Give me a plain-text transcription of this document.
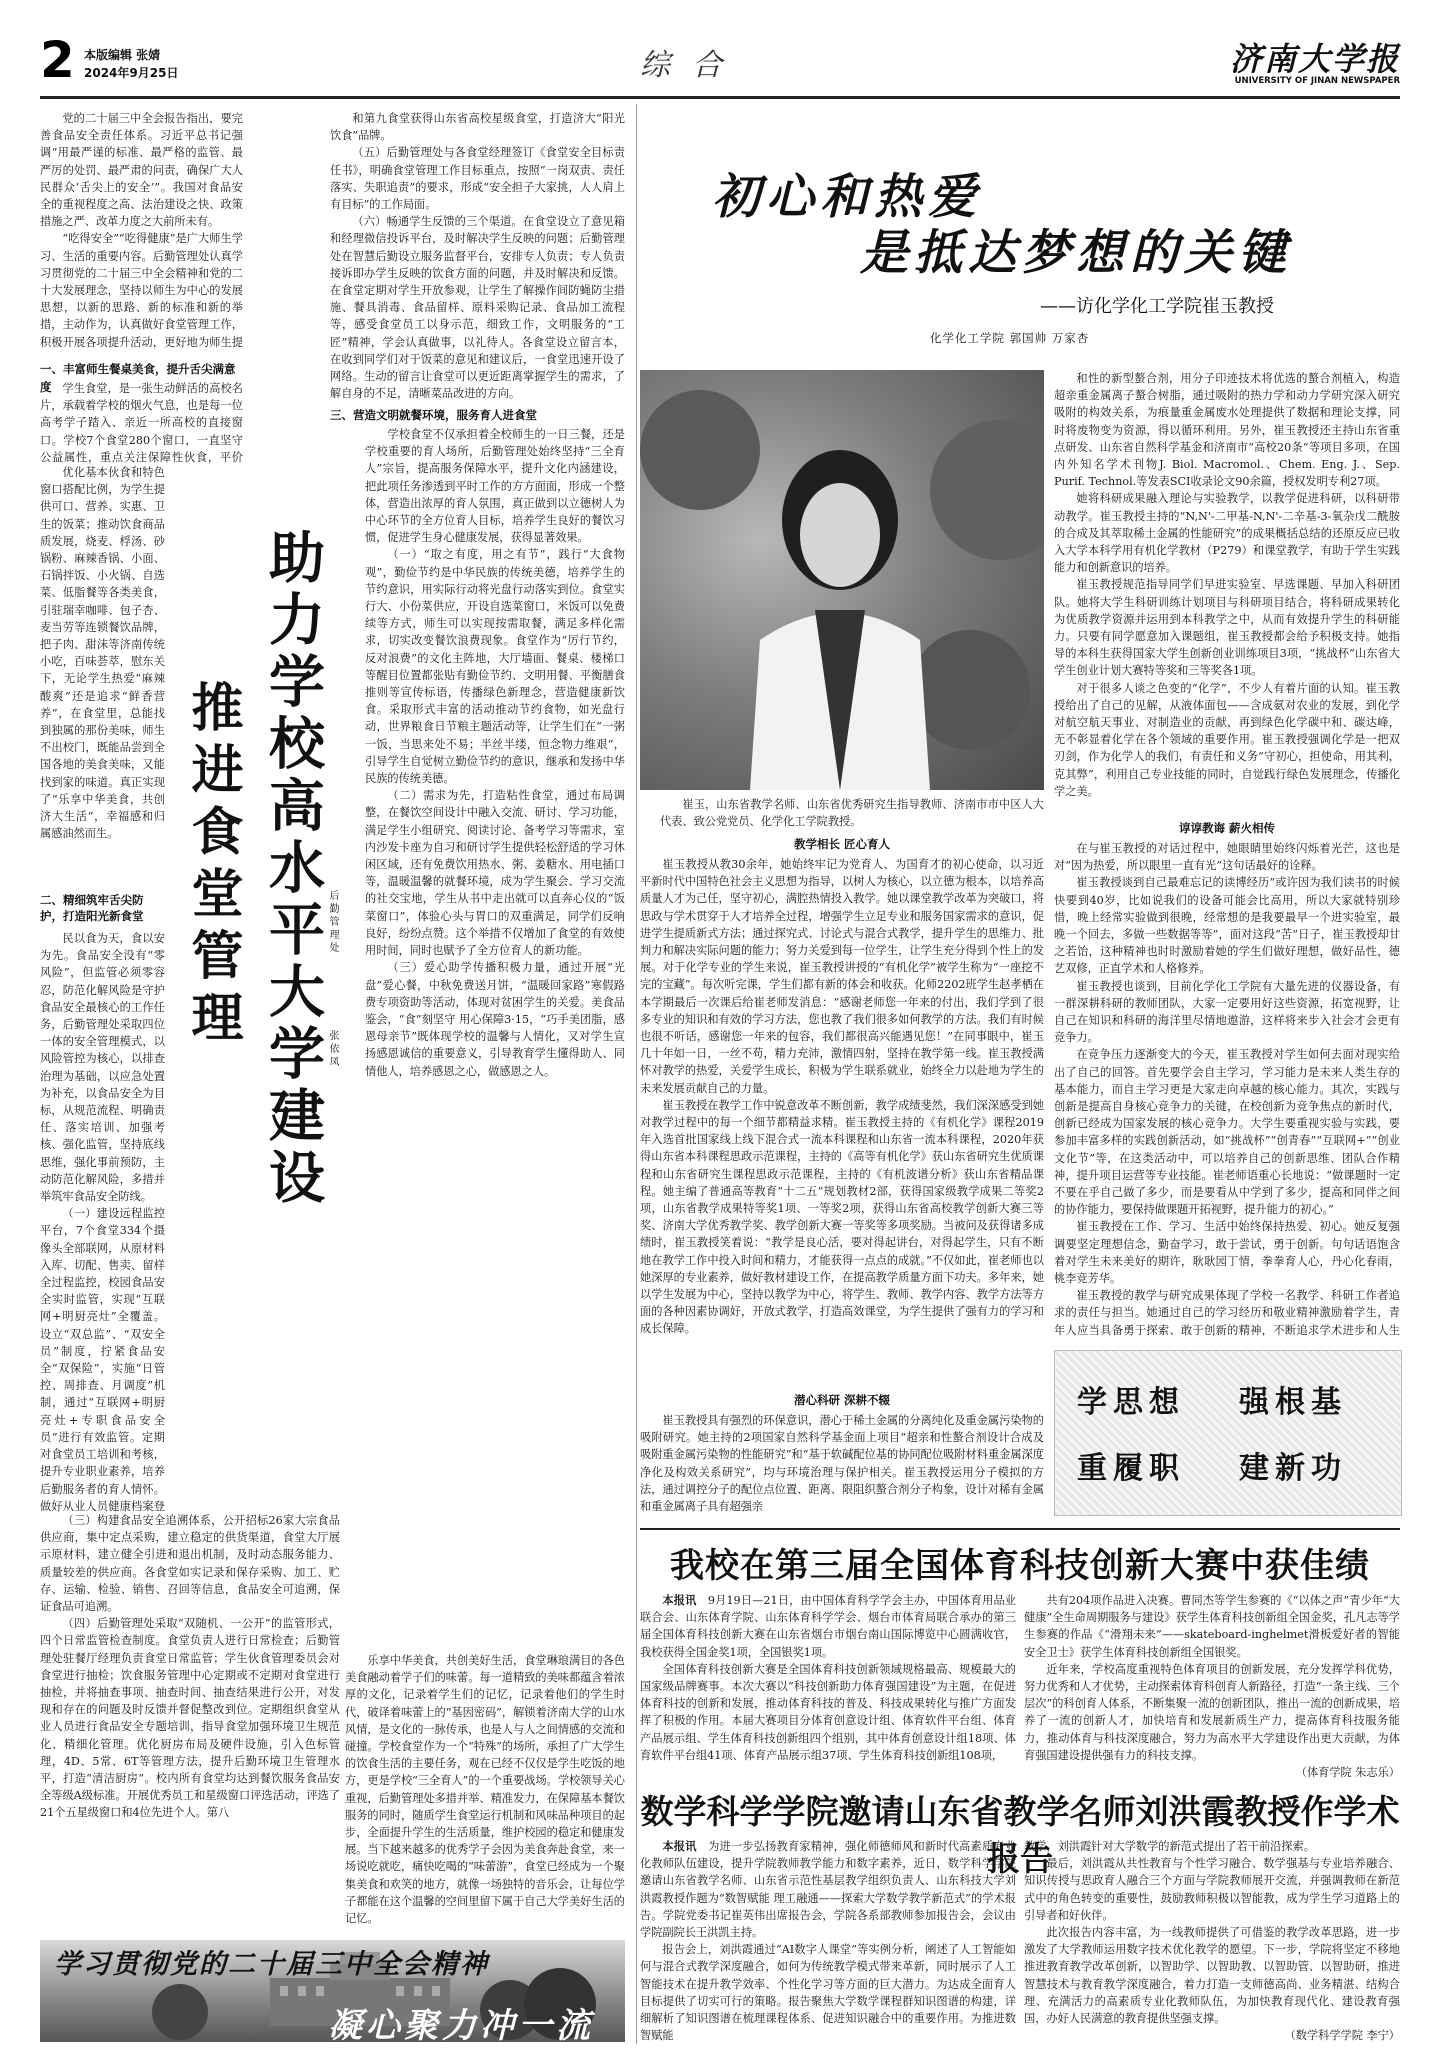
2 本版编辑 张婧
2024年9月25日	综合	济南大学报
UNIVERSITY OF JINAN NEWSPAPER

党的二十届三中全会报告指出，要完善食品安全责任体系。习近平总书记强调“用最严谨的标准、最严格的监管、最严厉的处罚、最严肃的问责，确保广大人民群众‘舌尖上的安全’”。我国对食品安全的重视程度之高、法治建设之快、政策措施之严、改革力度之大前所未有。

“吃得安全”“吃得健康”是广大师生学习、生活的重要内容。后勤管理处认真学习贯彻党的二十届三中全会精神和党的二十大发展理念，坚持以师生为中心的发展思想，以新的思路、新的标准和新的举措，主动作为，认真做好食堂管理工作，积极开展各项提升活动，更好地为师生提

一、丰富师生餐桌美食，提升舌尖满意度 学生食堂，是一张生动鲜活的高校名片，承载着学校的烟火气息，也是每一位高考学子踏入、亲近一所高校的直接窗口。学校7个食堂280个窗口，一直坚守公益属性，重点关注保障性伙食，平价

优化基本伙食和特色窗口搭配比例，为学生提供可口、营养、实惠、卫生的饭菜；推动饮食商品质发展，烧麦、桴汤、砂锅粉、麻辣香锅、小面、石锅拌饭、小火锅、自选菜、低脂餐等各类美食，引驻瑞幸咖啡、包子杏、麦当劳等连锁餐饮品牌，把子肉、甜沫等济南传统小吃，百味荟萃，慰东关下，无论学生热爱“麻辣酸爽”还是追求“鲜香营养”，在食堂里，总能找到独属的那份美味，师生不出校门，既能品尝到全国各地的美食美味，又能找到家的味道。真正实现了“乐享中华美食，共创济大生活”，幸福感和归属感油然而生。

二、精细筑牢舌尖防护，打造阳光新食堂

民以食为天，食以安为先。食品安全没有“零风险”，但监管必须零容忍，防范化解风险是守护食品安全最核心的工作任务，后勤管理处采取四位一体的安全管理模式，以风险管控为核心，以排查治理为基础，以应急处置为补充，以食品安全为目标，从规范流程、明确责任、落实培训、加强考核、强化监管，坚持底线思维，强化事前预防，主动防范化解风险，多措并举筑牢食品安全防线。

（一）建设远程监控平台，7个食堂334个摄像头全部联网，从原材料入库、切配、售卖、留样全过程监控，校园食品安全实时监管，实现“互联网+明厨亮灶”全覆盖。设立“双总监”、“双安全员”制度，拧紧食品安全“双保险”，实施“日管控、周排查、月调度”机制，通过“互联网+明厨亮灶+专职食品安全员”进行有效监管。定期对食堂员工培训和考核，提升专业职业素养，培养后勤服务者的育人情怀。做好从业人员健康档案登

（三）构建食品安全追溯体系，公开招标26家大宗食品供应商，集中定点采购，建立稳定的供货渠道，食堂大厅展示原材料，建立健全引进和退出机制，及时动态服务能力、质量较差的供应商。各食堂如实记录和保存采购、加工、贮存、运输、检验、销售、召回等信息，食品安全可追溯，保证食品可追溯。

（四）后勤管理处采取“双随机、一公开”的监管形式，四个日常监管检查制度。食堂负责人进行日常检查；后勤管理处驻餐厅经理负责食堂日常监管；学生伙食管理委员会对食堂进行抽检；饮食服务管理中心定期或不定期对食堂进行抽检，并将抽查事项、抽查时间、抽查结果进行公开，对发现和存在的问题及时反馈并督促整改到位。定期组织食堂从业人员进行食品安全专题培训，指导食堂加强环境卫生规范化、精细化管理。优化厨房布局及硬件设施，引入色标管理，4D、5常、6T等管理方法，提升后勤环境卫生管理水平，打造“清洁厨房”。校内所有食堂均达到餐饮服务食品安全等级A级标准。开展优秀员工和星级窗口评选活动，评选了21个五星级窗口和4位先进个人。第八

助力学校高水平大学建设
推进食堂管理	后勤管理处
张依凤

和第九食堂获得山东省高校星级食堂，打造济大“阳光饮食”品牌。

（五）后勤管理处与各食堂经理签订《食堂安全目标责任书》，明确食堂管理工作目标重点，按照“一岗双责、责任落实、失职追责”的要求，形成“安全担子大家挑，人人肩上有目标”的工作局面。

（六）畅通学生反馈的三个渠道。在食堂设立了意见箱和经理微信投诉平台，及时解决学生反映的问题；后勤管理处在智慧后勤设立服务监督平台，安排专人负责；专人负责接诉即办学生反映的饮食方面的问题，并及时解决和反馈。在食堂定期对学生开放参观，让学生了解操作间防蝇防尘措施、餐具消毒、食品留样、原料采购记录、食品加工流程等，感受食堂员工以身示范，细致工作，文明服务的“工匠”精神，学会认真做事，以礼待人。各食堂设立留言本，在收到同学们对于饭菜的意见和建议后，一食堂迅速开设了网络。生动的留言让食堂可以更近距离掌握学生的需求，了解自身的不足，清晰菜品改进的方向。

三、营造文明就餐环境，服务育人进食堂

学校食堂不仅承担着全校师生的一日三餐，还是学校重要的育人场所，后勤管理处始终坚持“三全育人”宗旨，提高服务保障水平，提升文化内涵建设，把此项任务渗透到平时工作的方方面面，形成一个整体，营造出浓厚的育人氛围，真正做到以立德树人为中心环节的全方位育人目标，培养学生良好的餐饮习惯，促进学生身心健康发展，获得显著效果。

（一）“取之有度，用之有节”，践行“大食物观”，勤俭节约是中华民族的传统美德，培养学生的节约意识，用实际行动将光盘行动落实到位。食堂实行大、小份菜供应，开设自选菜窗口，米饭可以免费续等方式，师生可以实现按需取餐，满足多样化需求，切实改变餐饮浪费现象。食堂作为“厉行节约，反对浪费”的文化主阵地，大厅墙面、餐桌、楼梯口等醒目位置都张贴有勤俭节约、文明用餐、平衡膳食推则等宣传标语，传播绿色新理念，营造健康新饮食。采取形式丰富的活动推动节约食物，如光盘行动，世界粮食日节粮主题活动等，让学生们在“一粥一饭，当思来处不易；半丝半缕，恒念物力维艰”，引导学生自觉树立勤俭节约的意识，继承和发扬中华民族的传统美德。

（二）需求为先，打造粘性食堂，通过布局调整，在餐饮空间设计中融入交流、研讨、学习功能，满足学生小组研究、阅读讨论、备考学习等需求，室内沙发卡座为自习和研讨学生提供轻松舒适的学习休闲区域，还有免费饮用热水、粥、姜糖水、用电插口等，温暖温馨的就餐环境，成为学生聚会、学习交流的社交宝地，学生从书中走出就可以直奔心仪的“饭菜窗口”，体验心头与胃口的双重满足，同学们反响良好，纷纷点赞。这个举措不仅增加了食堂的有效使用时间，同时也赋予了全方位育人的新功能。

（三）爱心助学传播积极力量，通过开展“光盘”爱心餐，中秋免费送月饼，“温暖回家路”寒假路费专项资助等活动，体现对贫困学生的关爱。美食品鉴会，“食”刻坚守 用心保障3·15，“巧手美团脂，感恩母亲节”既体现学校的温馨与人情化，又对学生宣扬感恩诚信的重要意义，引导教育学生懂得助人、同情他人，培养感恩之心，做感恩之人。

乐享中华美食，共创美好生活，食堂琳琅满目的各色美食融动着学子们的味蕾。每一道精致的美味都蕴含着浓厚的文化，记录着学生们的记忆，记录着他们的学生时代，破译着味蕾上的“基因密码”，解锁着济南大学的山水风情，是文化的一脉传承，也是人与人之间情感的交流和碰撞。学校食堂作为一个“特殊”的场所，承担了广大学生的饮食生活的主要任务，观在已经不仅仅是学生吃饭的地方，更是学校“三全育人”的一个重要战场。学校领导关心重视，后勤管理处多措并举、精准发力，在保障基本餐饮服务的同时，随质学生食堂运行机制和风味品种项目的起步，全面提升学生的生活质量，维护校园的稳定和健康发展。当下越来越多的优秀学子会因为美食奔赴食堂，来一场说吃就吃，痛快吃喝的“味蕾游”，食堂已经成为一个聚集美食和欢笑的地方，就像一场独特的音乐会，让每位学子都能在这个温馨的空间里留下属于自己大学美好生活的记忆。

学习贯彻党的二十届三中全会精神
凝心聚力冲一流
初心和热爱
是抵达梦想的关键
——访化学化工学院崔玉教授
化学化工学院 郭国帅 万家杏
崔玉，山东省教学名师、山东省优秀研究生指导教师、济南市市中区人大代表、致公党党员、化学化工学院教授。
教学相长 匠心育人

崔玉教授从教30余年，她始终牢记为党育人、为国育才的初心使命，以习近平新时代中国特色社会主义思想为指导，以树人为核心，以立德为根本，以培养高质量人才为己任，坚守初心，满腔热情投入教学。她以课堂教学改革为突破口，将思政与学术贯穿于人才培养全过程，增强学生立足专业和服务国家需求的意识，促进学生提质新式方法；通过探究式、讨论式与混合式教学，提升学生的思维力、批判力和解决实际问题的能力；努力关爱到每一位学生，让学生充分得到个性上的发展。对于化学专业的学生来说，崔玉教授讲授的“有机化学”被学生称为“一座挖不完的宝藏”。每次听完课，学生们都有新的体会和收获。化师2202班学生赵孝栖在本学期最后一次课后给崔老师发消息：“感谢老师您一年来的付出，我们学到了很多专业的知识和有效的学习方法，您也教了我们很多如何教学的方法。我们有时候也很不听话，感谢您一年来的包容，我们都很高兴能遇见您！”在同事眼中，崔玉几十年如一日，一丝不苟，精力充沛，激情四射，坚持在教学第一线。崔玉教授满怀对教学的热爱，关爱学生成长，积极为学生联系就业，始终全力以赴地为学生的未来发展贡献自己的力量。

崔玉教授在教学工作中锐意改革不断创新，教学成绩斐然，我们深深感受到她对教学过程中的每一个细节都精益求精。崔玉教授主持的《有机化学》课程2019年入选首批国家线上线下混合式一流本科课程和山东省一流本科课程，2020年获得山东省本科课程思政示范课程，主持的《高等有机化学》获山东省研究生优质课程和山东省研究生课程思政示范课程，主持的《有机波谱分析》获山东省精品课程。她主编了普通高等教育“十二五”规划教材2部，获得国家级教学成果二等奖2项，山东省教学成果特等奖1项、一等奖2项，获得山东省高校教学创新大赛三等奖、济南大学优秀教学奖、教学创新大赛一等奖等多项奖励。当被问及获得诸多成绩时，崔玉教授笑着说：“教学是良心活，要对得起讲台，对得起学生，只有不断地在教学工作中投入时间和精力，才能获得一点点的成就。”不仅如此，崔老师也以她深厚的专业素养，做好教材建设工作，在提高教学质量方面下功夫。多年来，她以学生发展为中心，坚持以教学为中心，将学生、教师、教学内容、教学方法等方面的各种因素协调好，开放式教学，打造高效课堂，为学生提供了强有力的学习和成长保障。

潜心科研 深耕不辍

崔玉教授具有强烈的环保意识，潜心于稀土金属的分离纯化及重金属污染物的吸附研究。她主持的2项国家自然科学基金面上项目“超亲和性螯合剂设计合成及吸附重金属污染物的性能研究”和“基于软碱配位基的协同配位吸附材料重金属深度净化及构效关系研究”，均与环境治理与保护相关。崔玉教授运用分子模拟的方法，通过调控分子的配位点位置、距离、限阻织螯合剂分子构象，设计对稀有金属和重金属离子具有超强亲

和性的新型螯合剂，用分子印迹技术将优选的螯合剂植入，构造超亲重金属离子螯合树脂，通过吸附的热力学和动力学研究深入研究吸附的构效关系，为痕量重金属废水处理提供了数据和理论支撑，同时将废物变为资源，得以循环利用。另外，崔玉教授还主持山东省重点研发、山东省自然科学基金和济南市“高校20条”等项目多项，在国内外知名学术刊物J. Biol. Macromol.、Chem. Eng. J.、Sep. Purif. Technol.等发表SCI收录论文90余篇，授权发明专利27项。

她将科研成果融入理论与实验教学，以教学促进科研，以科研带动教学。崔玉教授主持的“N,N'-二甲基-N,N'-二辛基-3-氧杂戊二酰胺的合成及其萃取稀土金属的性能研究”的成果概括总结的还原反应已收入大学本科学用有机化学教材（P279）和课堂教学，有助于学生实践能力和创新意识的培养。

崔玉教授规范指导同学们早进实验室、早选课题、早加入科研团队。她将大学生科研训练计划项目与科研项目结合，将科研成果转化为优质教学资源并运用到本科教学之中，从而有效提升学生的科研能力。只要有同学愿意加入课题组，崔玉教授都会给予积极支持。她指导的本科生获得国家大学生创新创业训练项目3项，“挑战杯”山东省大学生创业计划大赛特等奖和三等奖各1项。

对于很多人谈之色变的“化学”，不少人有着片面的认知。崔玉教授给出了自己的见解，从液体面包——含成氨对农业的发展，到化学对航空航天事业、对制造业的贡献，再到绿色化学碳中和、碳达峰，无不彰显着化学在各个领域的重要作用。崔玉教授强调化学是一把双刃剑，作为化学人的我们，有责任和义务“守初心，担使命，用其利，克其弊”，利用自己专业技能的同时，自觉践行绿色发展理念，传播化学之美。

谆谆教诲 薪火相传

在与崔玉教授的对话过程中，她眼睛里始终闪烁着光芒，这也是对“因为热爱，所以眼里一直有光”这句话最好的诠释。

崔玉教授谈到自己最难忘记的读博经历“或许因为我们读书的时候快要到40岁，比如说我们的设备可能会比高用，所以大家就特别珍惜，晚上经常实验做到很晚，经常想的是我要最早一个进实验室，最晚一个回去，多做一些数据等等”，面对这段“苦”日子，崔玉教授却甘之若饴，这种精神也时时激励着她的学生们做好理想，做好品性，德艺双修，正直学术和人格修养。

崔玉教授也谈到，目前化学化工学院有大量先进的仪器设备，有一群深耕科研的教师团队，大家一定要用好这些资源，拓宽视野，让自己在知识和科研的海洋里尽情地遨游，这样将来步入社会才会更有竞争力。

在竞争压力逐渐变大的今天，崔玉教授对学生如何去面对现实给出了自己的回答。首先要学会自主学习，学习能力是未来人类生存的基本能力，而自主学习更是大家走向卓越的核心能力。其次，实践与创新是提高自身核心竞争力的关键，在校创新为竞争焦点的新时代，创新已经成为国家发展的核心竞争力。大学生要重视实验与实践，要参加丰富多样的实践创新活动，如“挑战杯”“创青春”“互联网+”“创业文化节”等，在这类活动中，可以培养自己的创新思维、团队合作精神，提升项目运营等专业技能。崔老师语重心长地说：“做课题时一定不要在乎自己做了多少，而是要看从中学到了多少，提高和同伴之间的协作能力，要保持做课题开拓视野，提升能力的初心。”

崔玉教授在工作、学习、生活中始终保持热爱、初心。她反复强调要坚定理想信念，勤奋学习，敢于尝试，勇于创新。句句话语饱含着对学生未来美好的期许，耿耿园丁情，拳拳育人心，丹心化春雨，桃李竞芳华。

崔玉教授的教学与研究成果体现了学校一名教学、科研工作者追求的责任与担当。她通过自己的学习经历和敬业精神激励着学生，青年人应当具备勇于探索、敢于创新的精神，不断追求学术进步和人生

学思想 强根基
重履职 建新功
我校在第三届全国体育科技创新大赛中获佳绩

本报讯　 9月19日—21日，由中国体育科学学会主办，中国体育用品业联合会、山东体育学院、山东体育科学学会、烟台市体育局联合承办的第三届全国体育科技创新大赛在山东省烟台市烟台南山国际博览中心圆满收官，我校获得全国金奖1项，全国银奖1项。

全国体育科技创新大赛是全国体育科技创新领域规格最高、规模最大的国家级品牌赛事。本次大赛以“科技创新助力体育强国建设”为主题，在促进体育科技的创新和发展，推动体育科技的普及、科技成果转化与推广方面发挥了积极的作用。本届大赛项目分体育创意设计组、体育软件平台组、体育产品展示组、学生体育科技创新组四个组别，其中体育创意设计组18项、体育软件平台组41项、体育产品展示组37项、学生体育科技创新组108项，

共有204项作品进入决赛。曹同杰等学生参赛的《“以体之声”青少年“大健康”全生命周期服务与建设》获学生体育科技创新组全国金奖，孔凡志等学生参赛的作品《“滑翔未来”——skateboard-inghelmet滑板爱好者的智能安全卫士》获学生体育科技创新组全国银奖。

近年来，学校高度重视特色体育项目的创新发展，充分发挥学科优势，努力优秀和人才优势，主动探索体育科创育人新路径，打造“一条主线、三个层次”的科创育人体系，不断集聚一流的创新团队，推出一流的创新成果，培养了一流的创新人才，加快培育和发展新质生产力，提高体育科技服务能力，推动体育与科技深度融合，努力为高水平大学建设作出更大贡献，为体育强国建设提供强有力的科技支撑。

（体育学院 朱志乐）
数学科学学院邀请山东省教学名师刘洪霞教授作学术报告

本报讯　 为进一步弘扬教育家精神，强化师德师风和新时代高素质专业化教师队伍建设，提升学院教师教学能力和数字素养，近日，数学科学学院邀请山东省教学名师、山东省示范性基层教学组织负责人、山东科技大学刘洪霞教授作题为“数智赋能 理工融通——探索大学数学教学新范式”的学术报告。学院党委书记崔英伟出席报告会，学院各系部教师参加报告会，会议由学院副院长王洪凯主持。

报告会上，刘洪霞通过“AI数字人课堂”等实例分析，阐述了人工智能如何与混合式教学深度融合，如何为传统教学模式带来革新，同时展示了人工智能技术在提升教学效率、个性化学习等方面的巨大潜力。为达成全面育人目标提供了切实可行的策略。报告聚焦大学数学课程群知识图谱的构建，详细解析了知识图谱在梳理课程体系、促进知识融合中的重要作用。为推进数智赋能

教学，刘洪霞针对大学数学的新范式提出了若干前沿探索。

最后，刘洪霞从共性教育与个性学习融合、数学强基与专业培养融合、知识传授与思政育人融合三个方面与学院教师展开交流，并强调教师在新范式中的角色转变的重要性，鼓励教师积极以智能教，成为学生学习道路上的引导者和好伙伴。

此次报告内容丰富，为一线教师提供了可借鉴的教学改革思路，进一步激发了大学教师运用数字技术优化教学的愿望。下一步，学院将坚定不移地推进教育教学改革创新，以智助学、以智助教、以智助管、以智助研，推进智慧技术与教育教学深度融合，着力打造一支师德高尚、业务精湛、结构合理、充满活力的高素质专业化教师队伍，为加快教育现代化、建设教育强国，办好人民满意的教育提供坚强支撑。

（数学科学学院 李宁）
